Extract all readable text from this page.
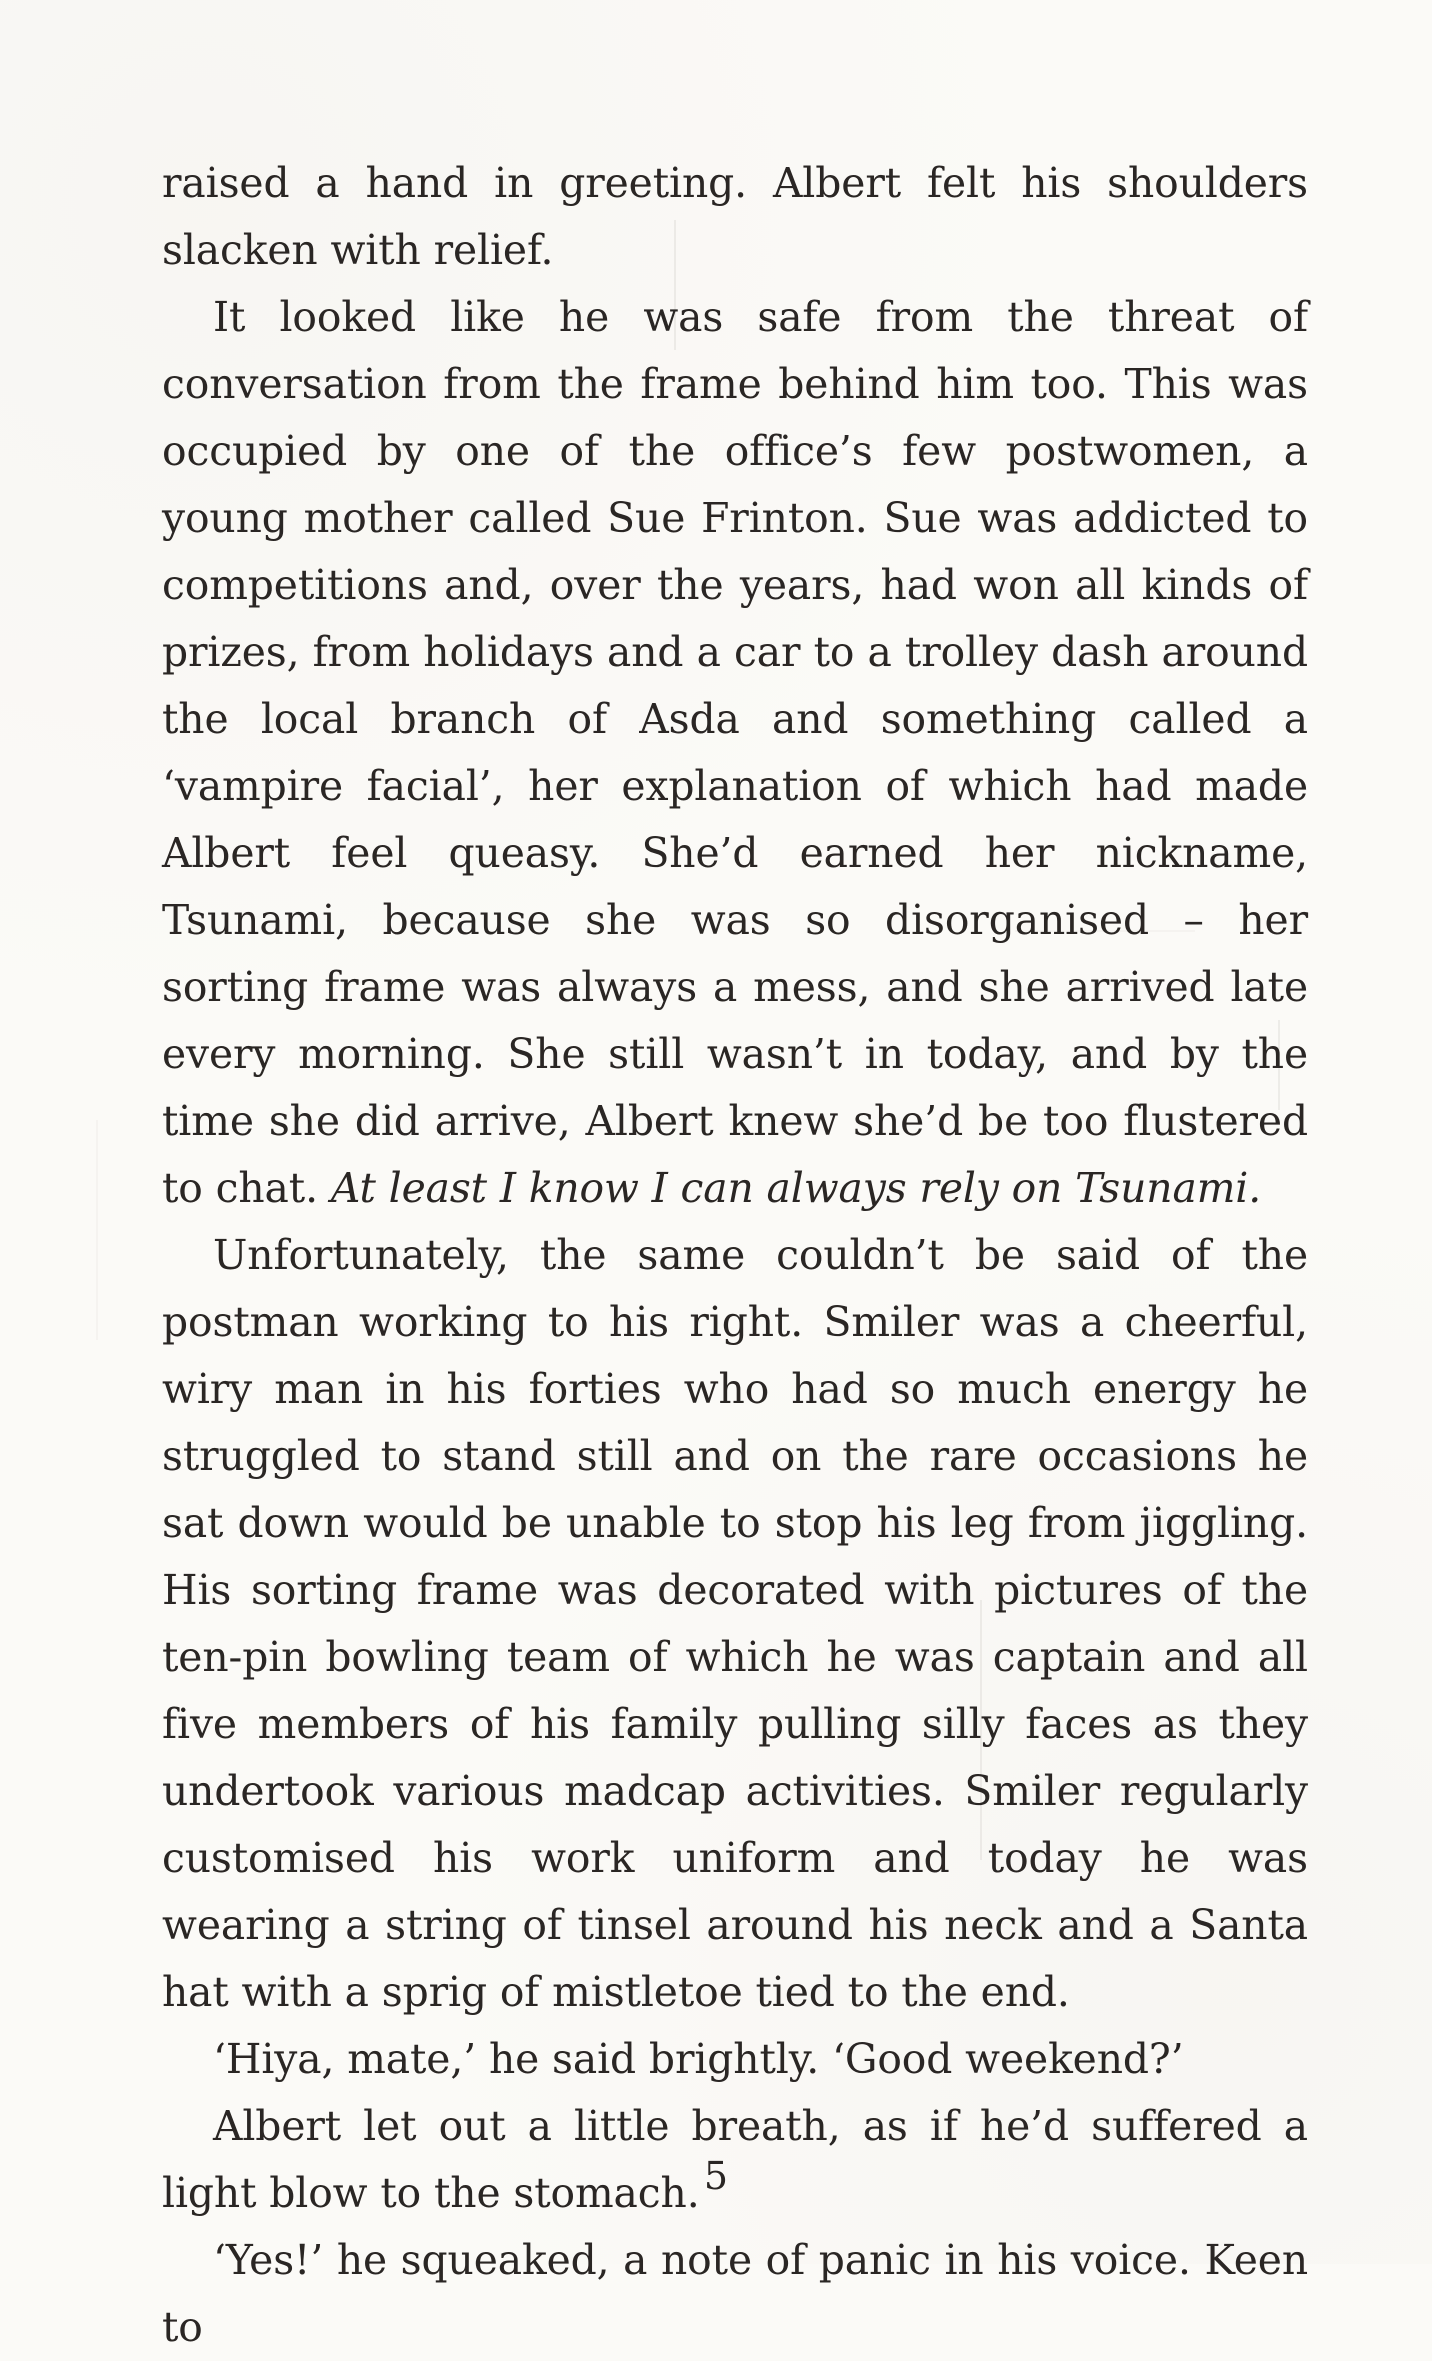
raised a hand in greeting. Albert felt his shoulders slacken with relief.

It looked like he was safe from the threat of conversation from the frame behind him too. This was occupied by one of the office’s few postwomen, a young mother called Sue Frinton. Sue was addicted to competitions and, over the years, had won all kinds of prizes, from holidays and a car to a trolley dash around the local branch of Asda and something called a ‘vampire facial’, her explanation of which had made Albert feel queasy. She’d earned her nickname, Tsunami, because she was so disorganised – her sorting frame was always a mess, and she arrived late every morning. She still wasn’t in today, and by the time she did arrive, Albert knew she’d be too flustered to chat. At least I know I can always rely on Tsunami.

Unfortunately, the same couldn’t be said of the postman working to his right. Smiler was a cheerful, wiry man in his forties who had so much energy he struggled to stand still and on the rare occasions he sat down would be unable to stop his leg from jiggling. His sorting frame was decorated with pictures of the ten-pin bowling team of which he was captain and all five members of his family pulling silly faces as they undertook various madcap activities. Smiler regularly customised his work uniform and today he was wearing a string of tinsel around his neck and a Santa hat with a sprig of mistletoe tied to the end.

‘Hiya, mate,’ he said brightly. ‘Good weekend?’

Albert let out a little breath, as if he’d suffered a light blow to the stomach.

‘Yes!’ he squeaked, a note of panic in his voice. Keen to

5
